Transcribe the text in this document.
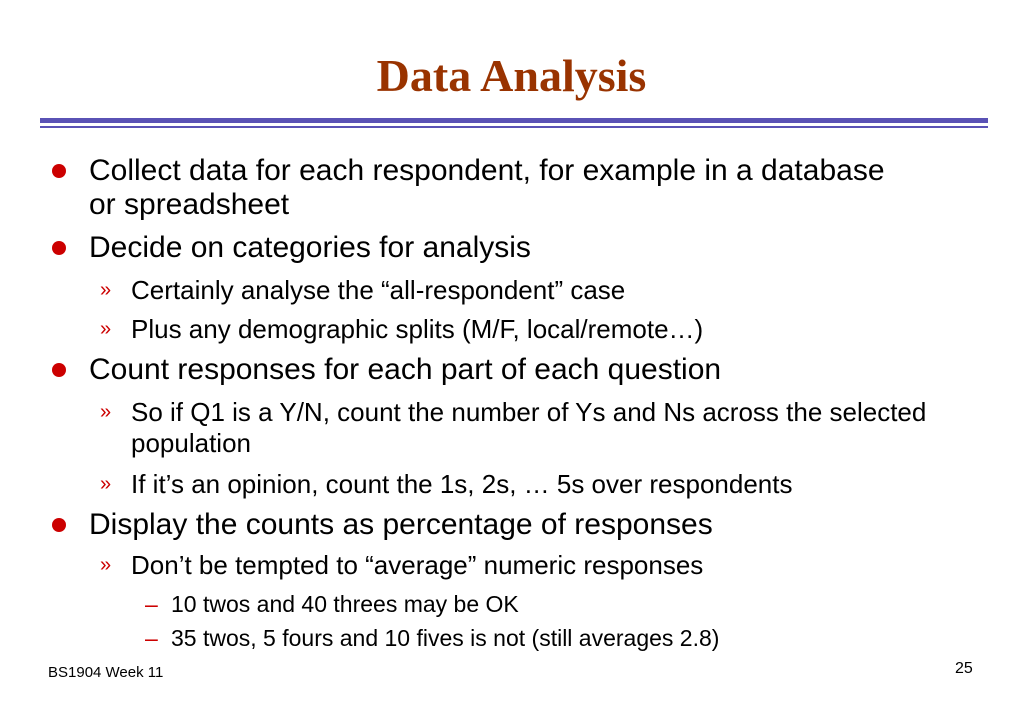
Data Analysis

Collect data for each respondent, for example in a database or spreadsheet

Decide on categories for analysis

» Certainly analyse the “all-respondent” case

» Plus any demographic splits (M/F, local/remote…)

Count responses for each part of each question

» So if Q1 is a Y/N, count the number of Ys and Ns across the selected population

» If it’s an opinion, count the 1s, 2s, … 5s over respondents

Display the counts as percentage of responses

» Don’t be tempted to “average” numeric responses

– 10 twos and 40 threes may be OK

– 35 twos, 5 fours and 10 fives is not (still averages 2.8)

BS1904 Week 11	25
